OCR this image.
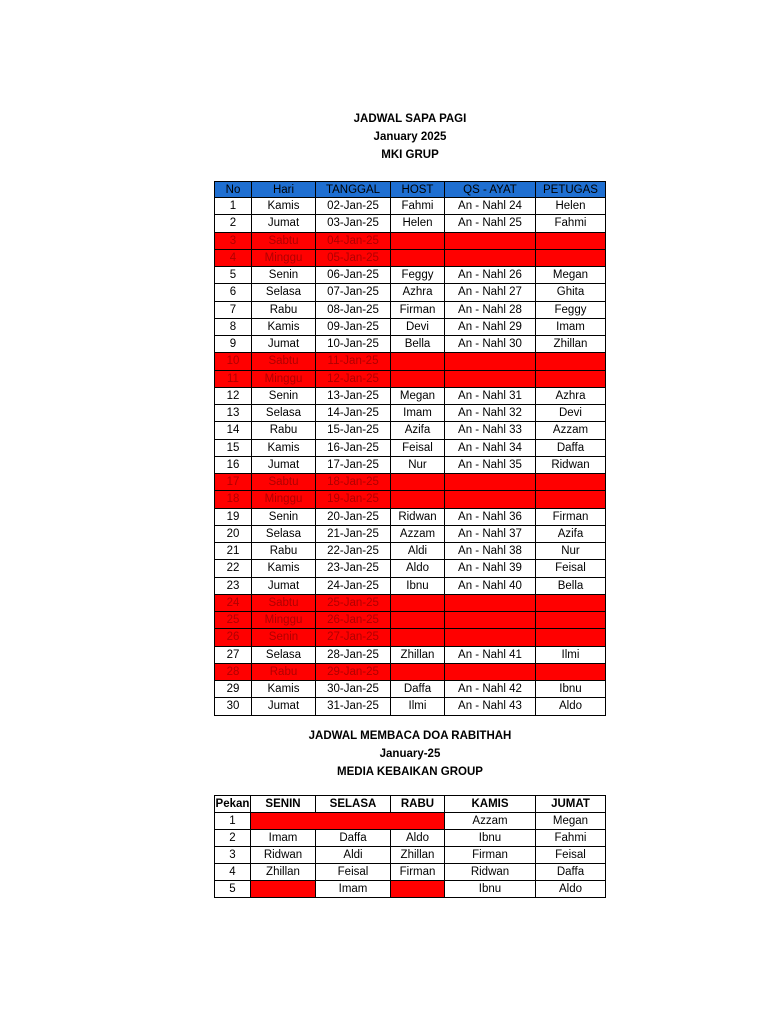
JADWAL SAPA PAGI
January 2025
MKI GRUP
No	Hari	TANGGAL	HOST	QS - AYAT	PETUGAS
1	Kamis	02-Jan-25	Fahmi	An - Nahl 24	Helen
2	Jumat	03-Jan-25	Helen	An - Nahl 25	Fahmi
3	Sabtu	04-Jan-25			
4	Minggu	05-Jan-25			
5	Senin	06-Jan-25	Feggy	An - Nahl 26	Megan
6	Selasa	07-Jan-25	Azhra	An - Nahl 27	Ghita
7	Rabu	08-Jan-25	Firman	An - Nahl 28	Feggy
8	Kamis	09-Jan-25	Devi	An - Nahl 29	Imam
9	Jumat	10-Jan-25	Bella	An - Nahl 30	Zhillan
10	Sabtu	11-Jan-25			
11	Minggu	12-Jan-25			
12	Senin	13-Jan-25	Megan	An - Nahl 31	Azhra
13	Selasa	14-Jan-25	Imam	An - Nahl 32	Devi
14	Rabu	15-Jan-25	Azifa	An - Nahl 33	Azzam
15	Kamis	16-Jan-25	Feisal	An - Nahl 34	Daffa
16	Jumat	17-Jan-25	Nur	An - Nahl 35	Ridwan
17	Sabtu	18-Jan-25			
18	Minggu	19-Jan-25			
19	Senin	20-Jan-25	Ridwan	An - Nahl 36	Firman
20	Selasa	21-Jan-25	Azzam	An - Nahl 37	Azifa
21	Rabu	22-Jan-25	Aldi	An - Nahl 38	Nur
22	Kamis	23-Jan-25	Aldo	An - Nahl 39	Feisal
23	Jumat	24-Jan-25	Ibnu	An - Nahl 40	Bella
24	Sabtu	25-Jan-25			
25	Minggu	26-Jan-25			
26	Senin	27-Jan-25			
27	Selasa	28-Jan-25	Zhillan	An - Nahl 41	Ilmi
28	Rabu	29-Jan-25			
29	Kamis	30-Jan-25	Daffa	An - Nahl 42	Ibnu
30	Jumat	31-Jan-25	Ilmi	An - Nahl 43	Aldo
JADWAL MEMBACA DOA RABITHAH
January-25
MEDIA KEBAIKAN GROUP
Pekan	SENIN	SELASA	RABU	KAMIS	JUMAT
1				Azzam	Megan
2	Imam	Daffa	Aldo	Ibnu	Fahmi
3	Ridwan	Aldi	Zhillan	Firman	Feisal
4	Zhillan	Feisal	Firman	Ridwan	Daffa
5		Imam		Ibnu	Aldo
